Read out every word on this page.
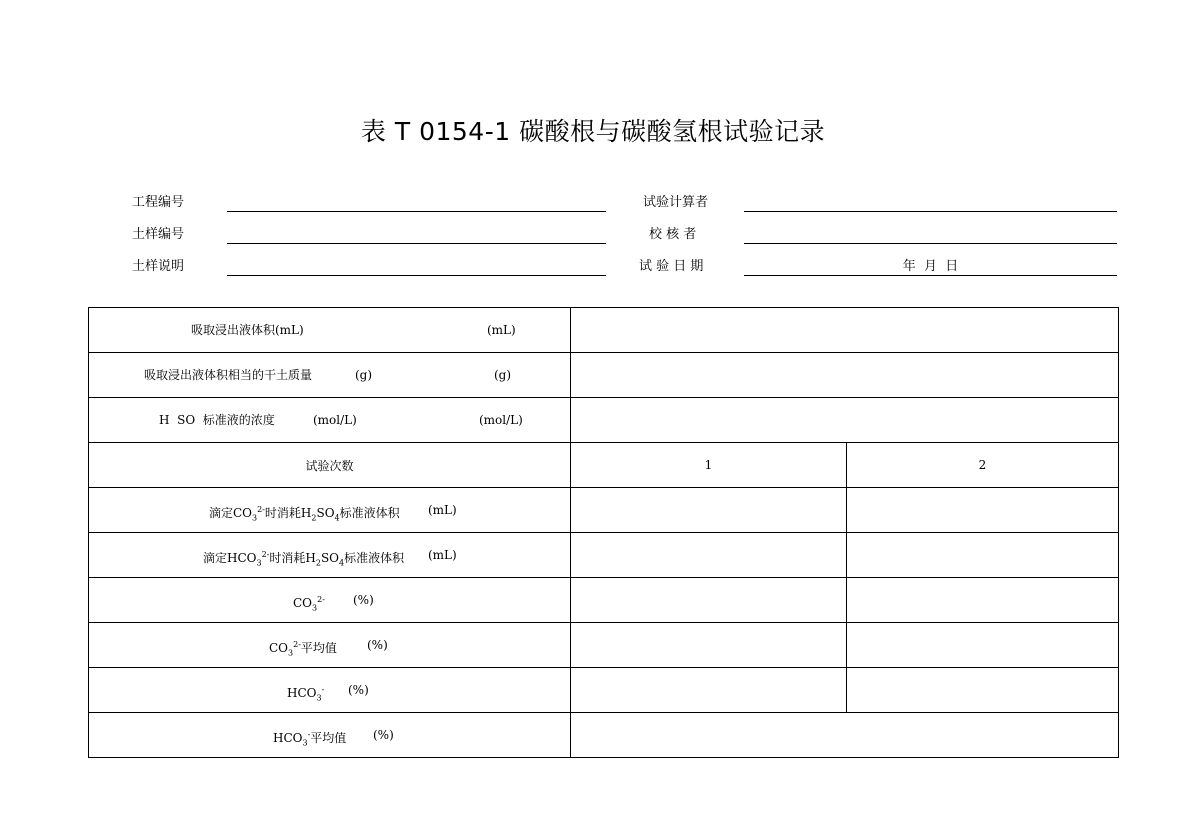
表 T 0154-1 碳酸根与碳酸氢根试验记录
工程编号	试验计算者
土样编号	校 核 者
土样说明	试 验 日 期	年  月  日
吸取浸出液体积(mL) (mL)		

吸取浸出液体积相当的干土质量 (g) (g)		

H  SO  标准液的浓度 (mol/L) (mol/L)		

试验次数	1	2

滴定$CO_3^{2-}$时消耗$H_2SO_4$标准液体积 (mL)		

滴定$HCO_3^{2-}$时消耗$H_2SO_4$标准液体积 (mL)		

$CO_3^{2-}$ (%)		

$CO_3^{2-}$平均值 (%)		

$HCO_3^-$ (%)		

$HCO_3^-$平均值 (%)		
